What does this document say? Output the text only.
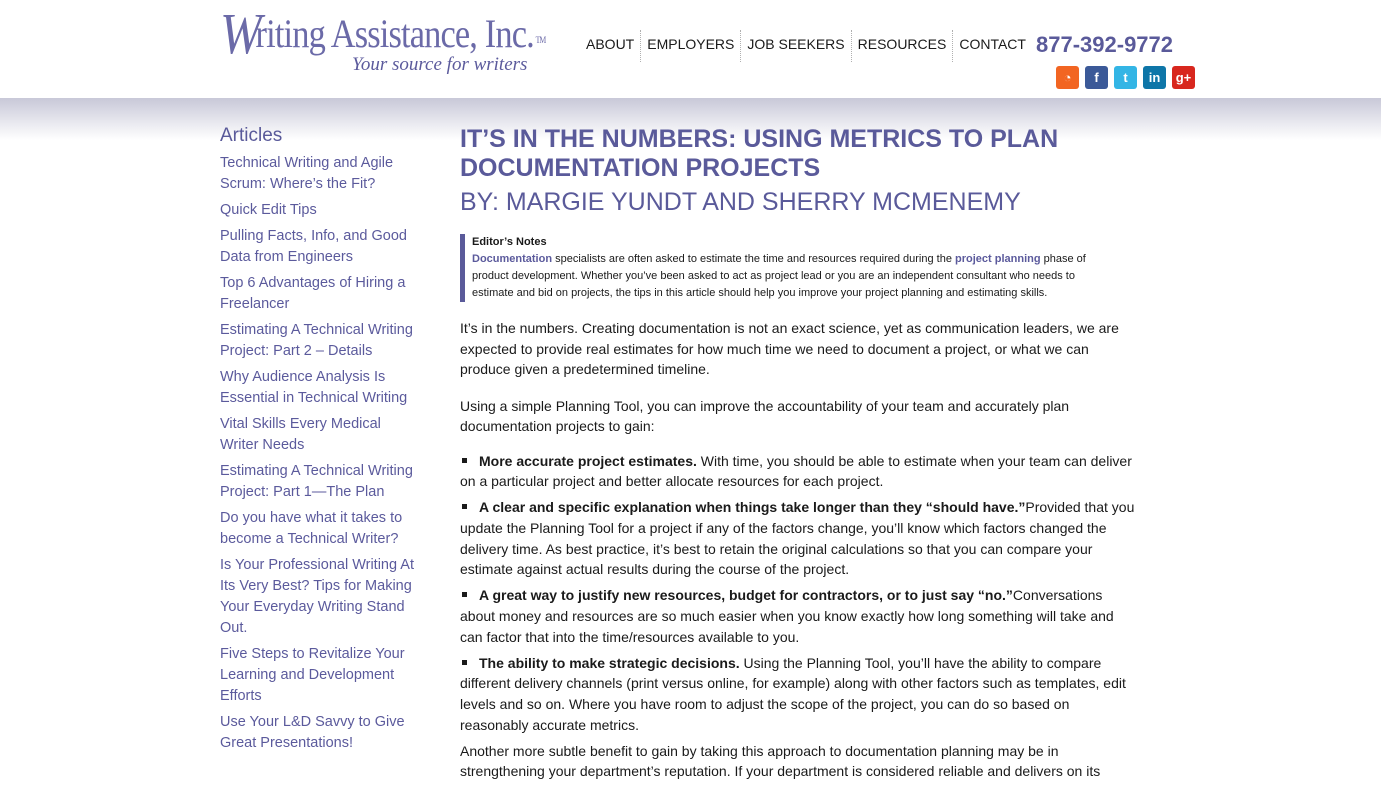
Writing Assistance, Inc. TM
Your source for writers
ABOUT EMPLOYERS JOB SEEKERS RESOURCES CONTACT 877-392-9772
◔	f	t	in	g+
Articles
Technical Writing and Agile Scrum: Where’s the Fit?
Quick Edit Tips
Pulling Facts, Info, and Good Data from Engineers
Top 6 Advantages of Hiring a Freelancer
Estimating A Technical Writing Project: Part 2 – Details
Why Audience Analysis Is Essential in Technical Writing
Vital Skills Every Medical Writer Needs
Estimating A Technical Writing Project: Part 1—The Plan
Do you have what it takes to become a Technical Writer?
Is Your Professional Writing At Its Very Best? Tips for Making Your Everyday Writing Stand Out.
Five Steps to Revitalize Your Learning and Development Efforts
Use Your L&D Savvy to Give Great Presentations!
IT’S IN THE NUMBERS: USING METRICS TO PLAN DOCUMENTATION PROJECTS
BY: MARGIE YUNDT AND SHERRY MCMENEMY
Editor’s Notes
Documentation specialists are often asked to estimate the time and resources required during the project planning phase of product development. Whether you’ve been asked to act as project lead or you are an independent consultant who needs to estimate and bid on projects, the tips in this article should help you improve your project planning and estimating skills.

It’s in the numbers. Creating documentation is not an exact science, yet as communication leaders, we are expected to provide real estimates for how much time we need to document a project, or what we can produce given a predetermined timeline.

Using a simple Planning Tool, you can improve the accountability of your team and accurately plan documentation projects to gain:

More accurate project estimates. With time, you should be able to estimate when your team can deliver on a particular project and better allocate resources for each project.
A clear and specific explanation when things take longer than they “should have.”Provided that you update the Planning Tool for a project if any of the factors change, you’ll know which factors changed the delivery time. As best practice, it’s best to retain the original calculations so that you can compare your estimate against actual results during the course of the project.
A great way to justify new resources, budget for contractors, or to just say “no.”Conversations about money and resources are so much easier when you know exactly how long something will take and can factor that into the time/resources available to you.
The ability to make strategic decisions. Using the Planning Tool, you’ll have the ability to compare different delivery channels (print versus online, for example) along with other factors such as templates, edit levels and so on. Where you have room to adjust the scope of the project, you can do so based on reasonably accurate metrics.

Another more subtle benefit to gain by taking this approach to documentation planning may be in strengthening your department’s reputation. If your department is considered reliable and delivers on its
